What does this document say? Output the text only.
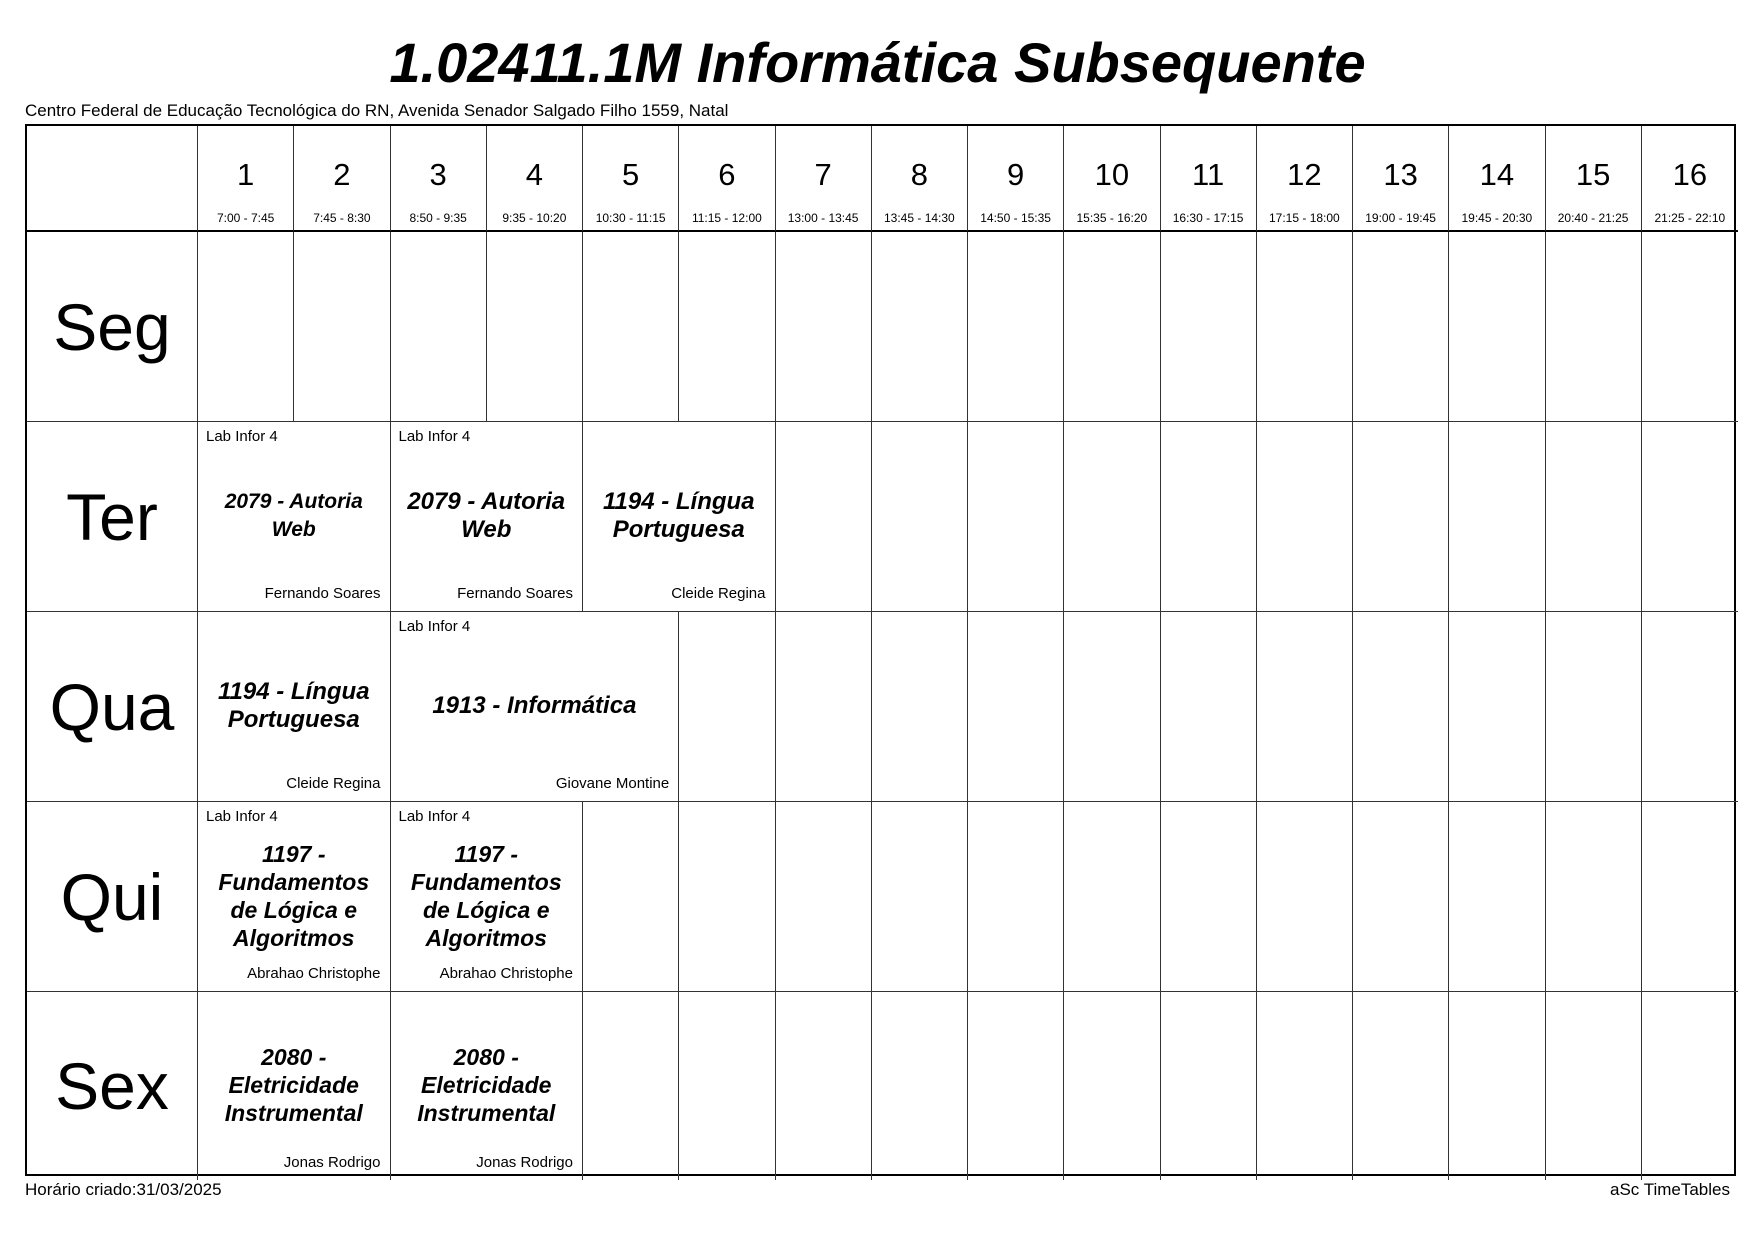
1.02411.1M Informática Subsequente
Centro Federal de Educação Tecnológica do RN, Avenida Senador Salgado Filho 1559, Natal
1
7:00 - 7:45
2
7:45 - 8:30
3
8:50 - 9:35
4
9:35 - 10:20
5
10:30 - 11:15
6
11:15 - 12:00
7
13:00 - 13:45
8
13:45 - 14:30
9
14:50 - 15:35
10
15:35 - 16:20
11
16:30 - 17:15
12
17:15 - 18:00
13
19:00 - 19:45
14
19:45 - 20:30
15
20:40 - 21:25
16
21:25 - 22:10
Seg
Ter
Qua
Qui
Sex
Lab Infor 4
2079 - Autoria Web
Fernando Soares
Lab Infor 4
2079 - Autoria Web
Fernando Soares
1194 - Língua Portuguesa
Cleide Regina
1194 - Língua Portuguesa
Cleide Regina
Lab Infor 4
1913 - Informática
Giovane Montine
Lab Infor 4
1197 - Fundamentos de Lógica e Algoritmos
Abrahao Christophe
Lab Infor 4
1197 - Fundamentos de Lógica e Algoritmos
Abrahao Christophe
2080 - Eletricidade Instrumental
Jonas Rodrigo
2080 - Eletricidade Instrumental
Jonas Rodrigo
Horário criado:31/03/2025	aSc TimeTables
